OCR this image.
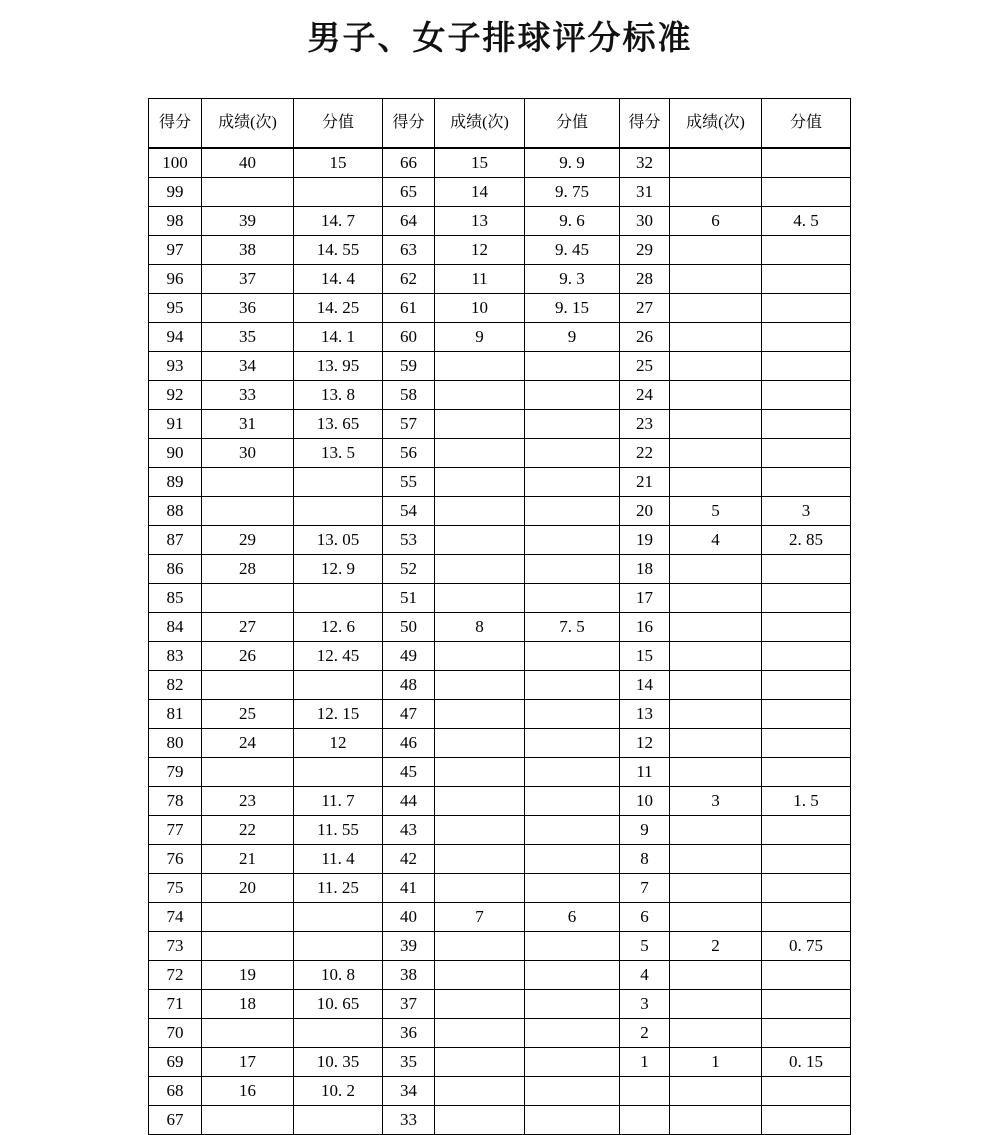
男子、女子排球评分标准
得分	成绩(次)	分值	得分	成绩(次)	分值	得分	成绩(次)	分值
100	40	15	66	15	9. 9	32		
99			65	14	9. 75	31		
98	39	14. 7	64	13	9. 6	30	6	4. 5
97	38	14. 55	63	12	9. 45	29		
96	37	14. 4	62	11	9. 3	28		
95	36	14. 25	61	10	9. 15	27		
94	35	14. 1	60	9	9	26		
93	34	13. 95	59			25		
92	33	13. 8	58			24		
91	31	13. 65	57			23		
90	30	13. 5	56			22		
89			55			21		
88			54			20	5	3
87	29	13. 05	53			19	4	2. 85
86	28	12. 9	52			18		
85			51			17		
84	27	12. 6	50	8	7. 5	16		
83	26	12. 45	49			15		
82			48			14		
81	25	12. 15	47			13		
80	24	12	46			12		
79			45			11		
78	23	11. 7	44			10	3	1. 5
77	22	11. 55	43			9		
76	21	11. 4	42			8		
75	20	11. 25	41			7		
74			40	7	6	6		
73			39			5	2	0. 75
72	19	10. 8	38			4		
71	18	10. 65	37			3		
70			36			2		
69	17	10. 35	35			1	1	0. 15
68	16	10. 2	34					
67			33					
